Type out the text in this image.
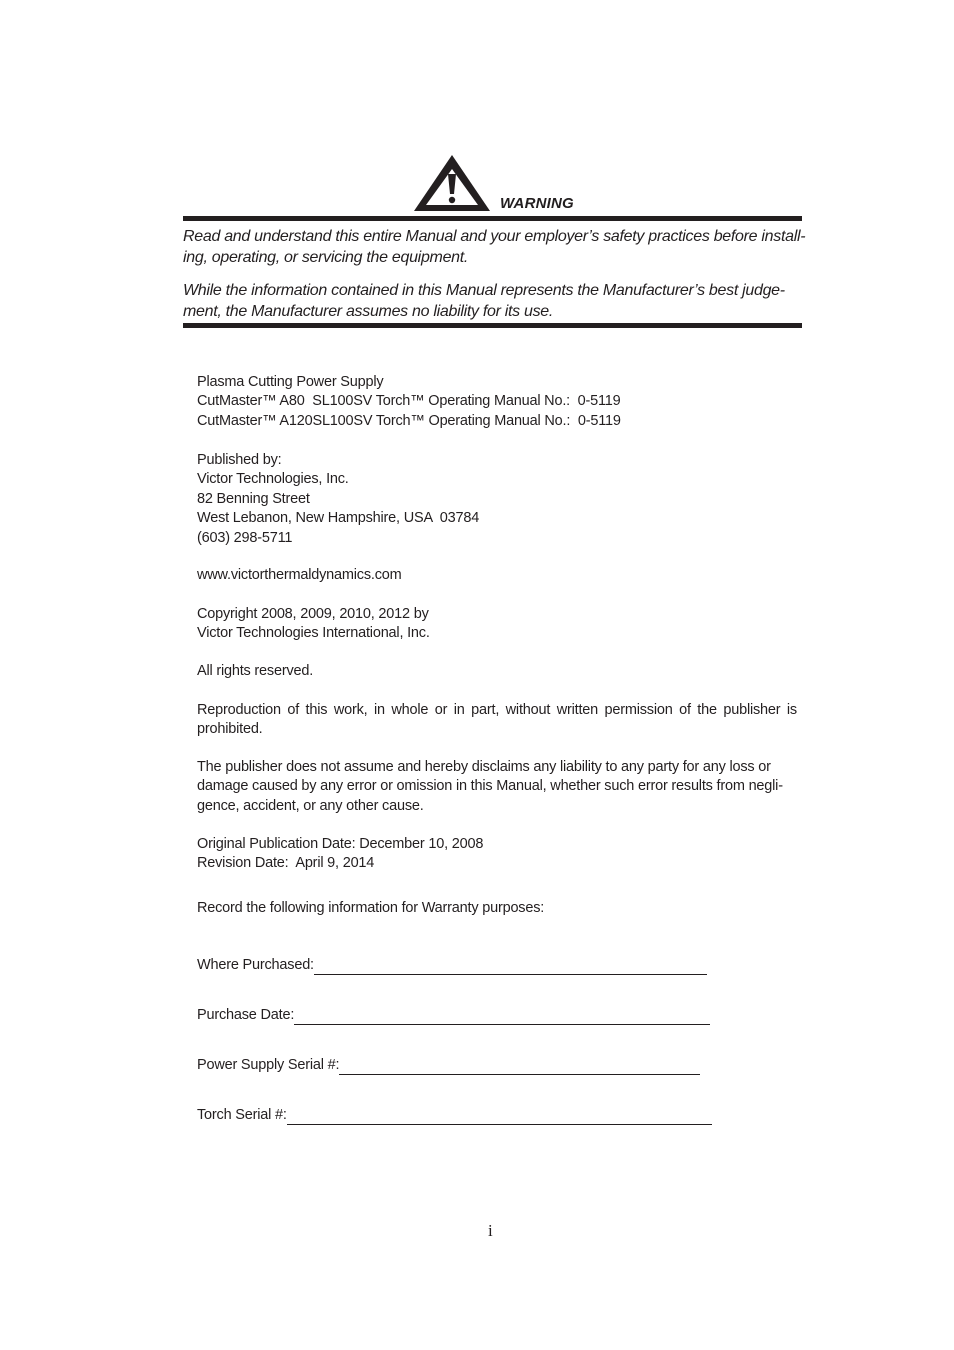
WARNING

Read and understand this entire Manual and your employer’s safety practices before install-

ing, operating, or servicing the equipment.

While the information contained in this Manual represents the Manufacturer’s best judge-

ment, the Manufacturer assumes no liability for its use.

Plasma Cutting Power Supply

CutMaster™ A80  SL100SV Torch™ Operating Manual No.:  0-5119

CutMaster™ A120SL100SV Torch™ Operating Manual No.:  0-5119

Published by:

Victor Technologies, Inc.

82 Benning Street

West Lebanon, New Hampshire, USA  03784

(603) 298-5711

www.victorthermaldynamics.com

Copyright 2008, 2009, 2010, 2012 by

Victor Technologies International, Inc.

All rights reserved.

Reproduction of this work, in whole or in part, without written permission of the publisher is prohibited.

The publisher does not assume and hereby disclaims any liability to any party for any loss or

damage caused by any error or omission in this Manual, whether such error results from negli-

gence, accident, or any other cause.

Original Publication Date: December 10, 2008

Revision Date:  April 9, 2014

Record the following information for Warranty purposes:

Where Purchased:
Purchase Date:
Power Supply Serial #:
Torch Serial #:
i
